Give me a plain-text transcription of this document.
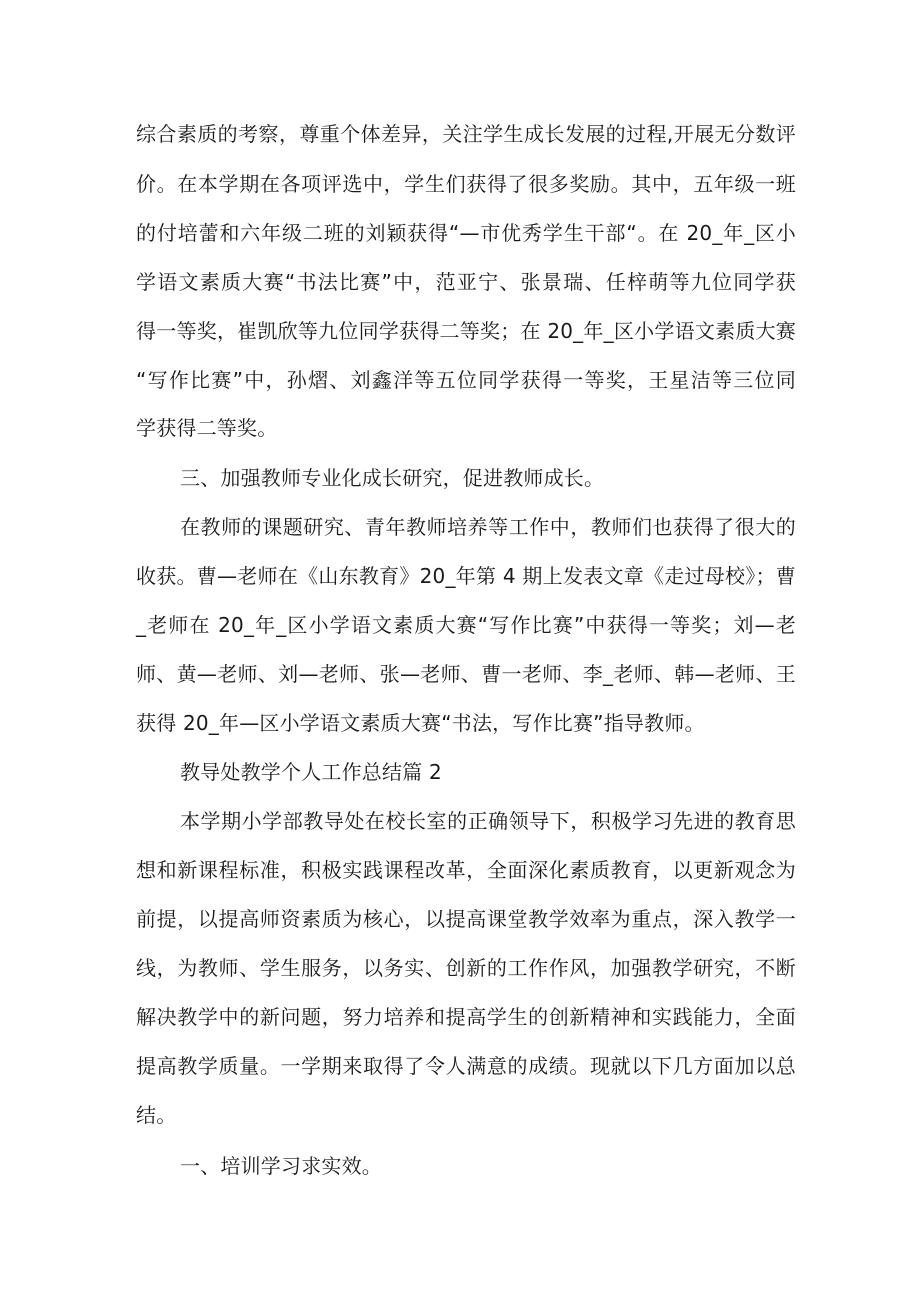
综合素质的考察，尊重个体差异，关注学生成长发展的过程,开展无分数评
价。在本学期在各项评选中，学生们获得了很多奖励。其中，五年级一班
的付培蕾和六年级二班的刘颖获得“—市优秀学生干部“。在 20_年_区小
学语文素质大赛“书法比赛”中，范亚宁、张景瑞、任梓萌等九位同学获
得一等奖，崔凯欣等九位同学获得二等奖；在 20_年_区小学语文素质大赛
“写作比赛”中，孙熠、刘鑫洋等五位同学获得一等奖，王星洁等三位同
学获得二等奖。
三、加强教师专业化成长研究，促进教师成长。
在教师的课题研究、青年教师培养等工作中，教师们也获得了很大的
收获。曹—老师在《山东教育》20_年第 4 期上发表文章《走过母校》；曹
_老师在 20_年_区小学语文素质大赛“写作比赛”中获得一等奖；刘—老
师、黄—老师、刘—老师、张—老师、曹一老师、李_老师、韩—老师、王
获得 20_年—区小学语文素质大赛“书法，写作比赛”指导教师。
教导处教学个人工作总结篇 2
本学期小学部教导处在校长室的正确领导下，积极学习先进的教育思
想和新课程标准，积极实践课程改革，全面深化素质教育，以更新观念为
前提，以提高师资素质为核心，以提高课堂教学效率为重点，深入教学一
线，为教师、学生服务，以务实、创新的工作作风，加强教学研究，不断
解决教学中的新问题，努力培养和提高学生的创新精神和实践能力，全面
提高教学质量。一学期来取得了令人满意的成绩。现就以下几方面加以总
结。
一、培训学习求实效。
